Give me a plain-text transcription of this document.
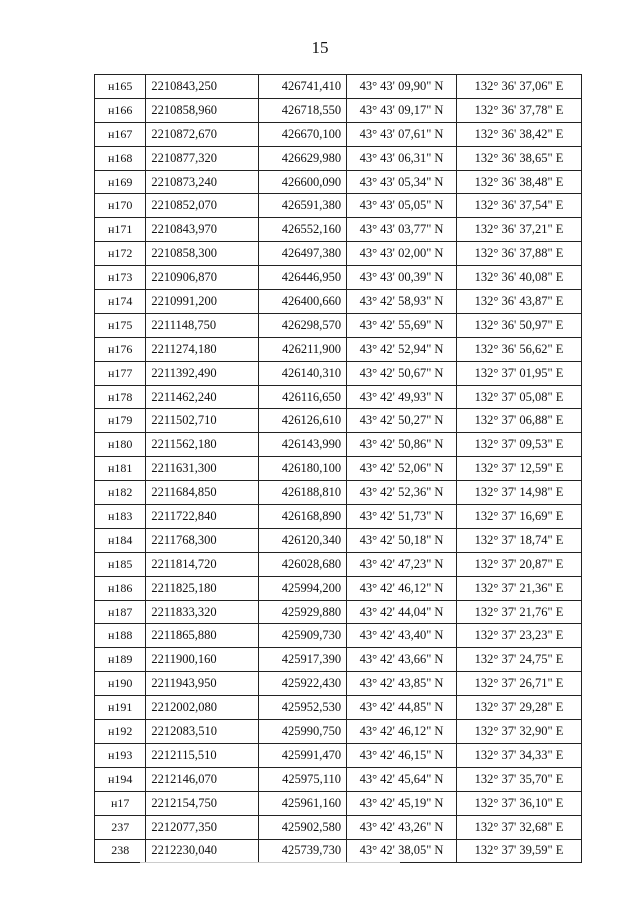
15
н165	2210843,250	426741,410	43° 43' 09,90" N	132° 36' 37,06" E
н166	2210858,960	426718,550	43° 43' 09,17" N	132° 36' 37,78" E
н167	2210872,670	426670,100	43° 43' 07,61" N	132° 36' 38,42" E
н168	2210877,320	426629,980	43° 43' 06,31" N	132° 36' 38,65" E
н169	2210873,240	426600,090	43° 43' 05,34" N	132° 36' 38,48" E
н170	2210852,070	426591,380	43° 43' 05,05" N	132° 36' 37,54" E
н171	2210843,970	426552,160	43° 43' 03,77" N	132° 36' 37,21" E
н172	2210858,300	426497,380	43° 43' 02,00" N	132° 36' 37,88" E
н173	2210906,870	426446,950	43° 43' 00,39" N	132° 36' 40,08" E
н174	2210991,200	426400,660	43° 42' 58,93" N	132° 36' 43,87" E
н175	2211148,750	426298,570	43° 42' 55,69" N	132° 36' 50,97" E
н176	2211274,180	426211,900	43° 42' 52,94" N	132° 36' 56,62" E
н177	2211392,490	426140,310	43° 42' 50,67" N	132° 37' 01,95" E
н178	2211462,240	426116,650	43° 42' 49,93" N	132° 37' 05,08" E
н179	2211502,710	426126,610	43° 42' 50,27" N	132° 37' 06,88" E
н180	2211562,180	426143,990	43° 42' 50,86" N	132° 37' 09,53" E
н181	2211631,300	426180,100	43° 42' 52,06" N	132° 37' 12,59" E
н182	2211684,850	426188,810	43° 42' 52,36" N	132° 37' 14,98" E
н183	2211722,840	426168,890	43° 42' 51,73" N	132° 37' 16,69" E
н184	2211768,300	426120,340	43° 42' 50,18" N	132° 37' 18,74" E
н185	2211814,720	426028,680	43° 42' 47,23" N	132° 37' 20,87" E
н186	2211825,180	425994,200	43° 42' 46,12" N	132° 37' 21,36" E
н187	2211833,320	425929,880	43° 42' 44,04" N	132° 37' 21,76" E
н188	2211865,880	425909,730	43° 42' 43,40" N	132° 37' 23,23" E
н189	2211900,160	425917,390	43° 42' 43,66" N	132° 37' 24,75" E
н190	2211943,950	425922,430	43° 42' 43,85" N	132° 37' 26,71" E
н191	2212002,080	425952,530	43° 42' 44,85" N	132° 37' 29,28" E
н192	2212083,510	425990,750	43° 42' 46,12" N	132° 37' 32,90" E
н193	2212115,510	425991,470	43° 42' 46,15" N	132° 37' 34,33" E
н194	2212146,070	425975,110	43° 42' 45,64" N	132° 37' 35,70" E
н17	2212154,750	425961,160	43° 42' 45,19" N	132° 37' 36,10" E
237	2212077,350	425902,580	43° 42' 43,26" N	132° 37' 32,68" E
238	2212230,040	425739,730	43° 42' 38,05" N	132° 37' 39,59" E
